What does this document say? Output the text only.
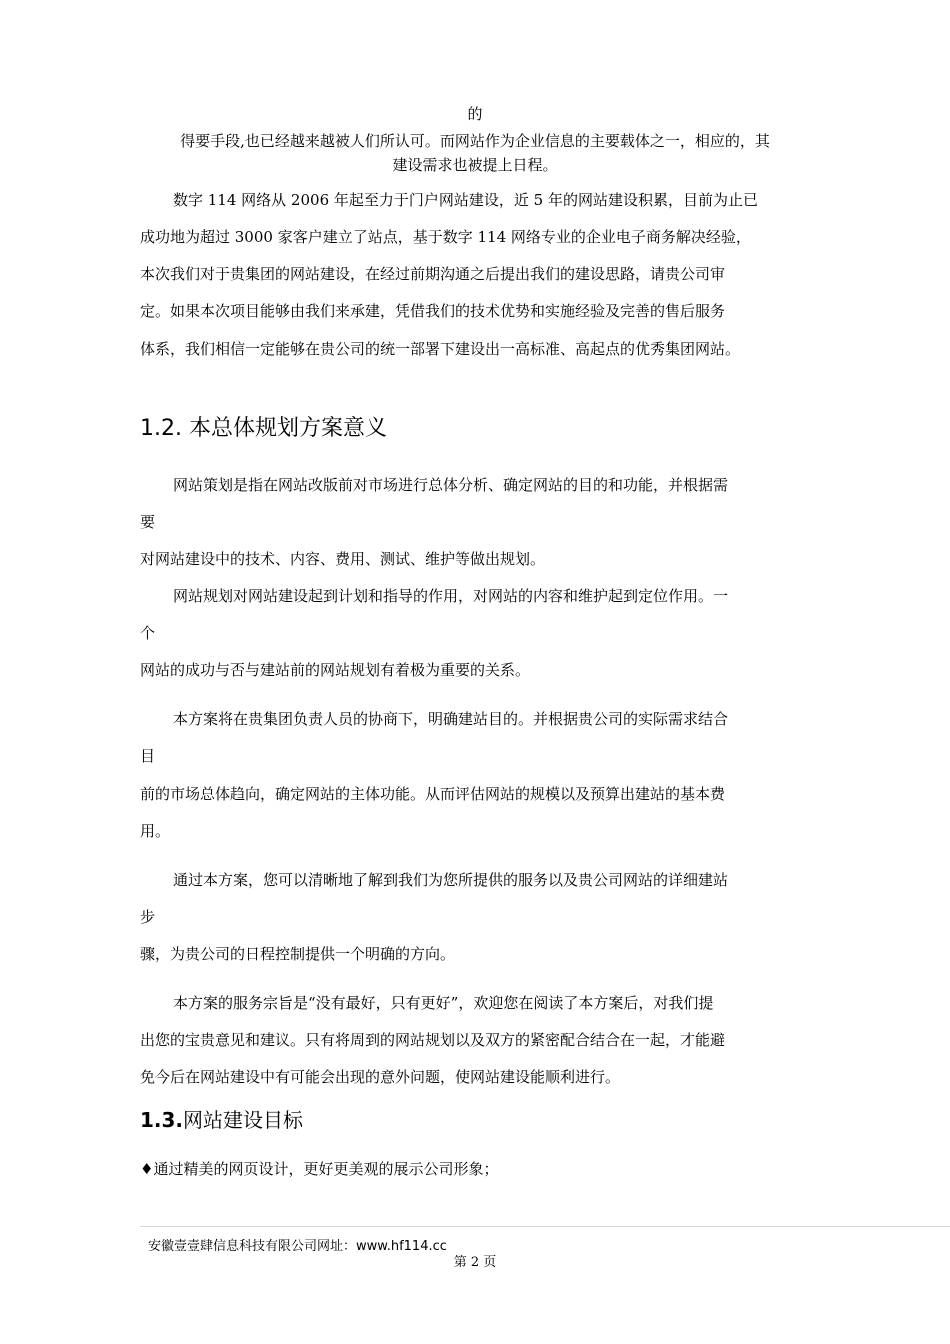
的
得要手段,也已经越来越被人们所认可。而网站作为企业信息的主要载体之一，相应的，其
建设需求也被提上日程。
数字 114 网络从 2006 年起至力于门户网站建设，近 5 年的网站建设积累，目前为止已
成功地为超过 3000 家客户建立了站点，基于数字 114 网络专业的企业电子商务解决经验，
本次我们对于贵集团的网站建设，在经过前期沟通之后提出我们的建设思路，请贵公司审
定。如果本次项目能够由我们来承建，凭借我们的技术优势和实施经验及完善的售后服务
体系，我们相信一定能够在贵公司的统一部署下建设出一高标准、高起点的优秀集团网站。
1.2. 本总体规划方案意义
网站策划是指在网站改版前对市场进行总体分析、确定网站的目的和功能，并根据需
要
对网站建设中的技术、内容、费用、测试、维护等做出规划。
网站规划对网站建设起到计划和指导的作用，对网站的内容和维护起到定位作用。一
个
网站的成功与否与建站前的网站规划有着极为重要的关系。
本方案将在贵集团负责人员的协商下，明确建站目的。并根据贵公司的实际需求结合
目
前的市场总体趋向，确定网站的主体功能。从而评估网站的规模以及预算出建站的基本费
用。
通过本方案，您可以清晰地了解到我们为您所提供的服务以及贵公司网站的详细建站
步
骤，为贵公司的日程控制提供一个明确的方向。
本方案的服务宗旨是“没有最好，只有更好”，欢迎您在阅读了本方案后，对我们提
出您的宝贵意见和建议。只有将周到的网站规划以及双方的紧密配合结合在一起，才能避
免今后在网站建设中有可能会出现的意外问题，使网站建设能顺利进行。
1.3.网站建设目标
♦通过精美的网页设计，更好更美观的展示公司形象；
安徽壹壹肆信息科技有限公司网址：www.hf114.cc
第 2 页
